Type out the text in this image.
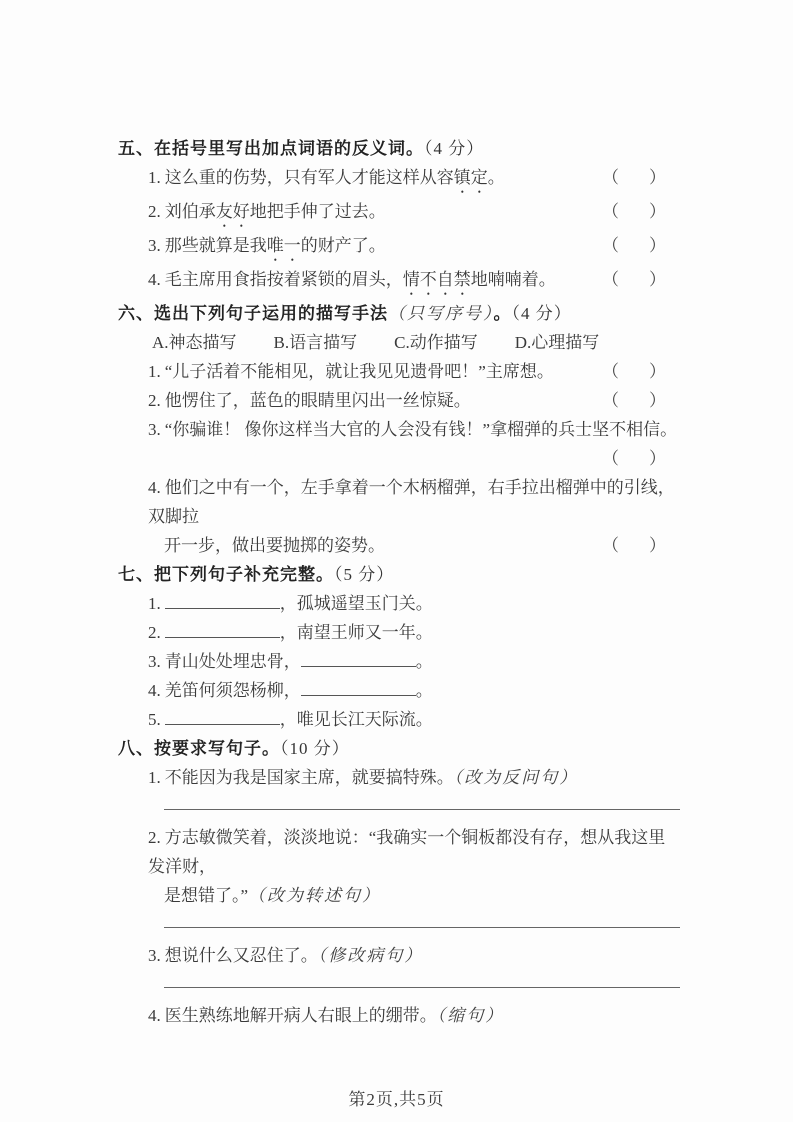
五、在括号里写出加点词语的反义词。（4 分）
1. 这么重的伤势，只有军人才能这样从容镇定。	（ ）
2. 刘伯承友好地把手伸了过去。	（ ）
3. 那些就算是我唯一的财产了。	（ ）
4. 毛主席用食指按着紧锁的眉头，情不自禁地喃喃着。	（ ）
六、选出下列句子运用的描写手法（只写序号）。（4 分）
A.神态描写 B.语言描写 C.动作描写 D.心理描写
1. “儿子活着不能相见，就让我见见遗骨吧！”主席想。	（ ）
2. 他愣住了，蓝色的眼睛里闪出一丝惊疑。	（ ）
3. “你骗谁！ 像你这样当大官的人会没有钱！”拿榴弹的兵士坚不相信。
（ ）
4. 他们之中有一个，左手拿着一个木柄榴弹，右手拉出榴弹中的引线，双脚拉
开一步，做出要抛掷的姿势。	（ ）
七、把下列句子补充完整。（5 分）
1.	，孤城遥望玉门关。
2.	，南望王师又一年。
3. 青山处处埋忠骨，	。
4. 羌笛何须怨杨柳，	。
5.	，唯见长江天际流。
八、按要求写句子。（10 分）
1. 不能因为我是国家主席，就要搞特殊。（改为反问句）
2. 方志敏微笑着，淡淡地说：“我确实一个铜板都没有存，想从我这里发洋财，
是想错了。”（改为转述句）
3. 想说什么又忍住了。（修改病句）
4. 医生熟练地解开病人右眼上的绷带。（缩句）
第2页,共5页
